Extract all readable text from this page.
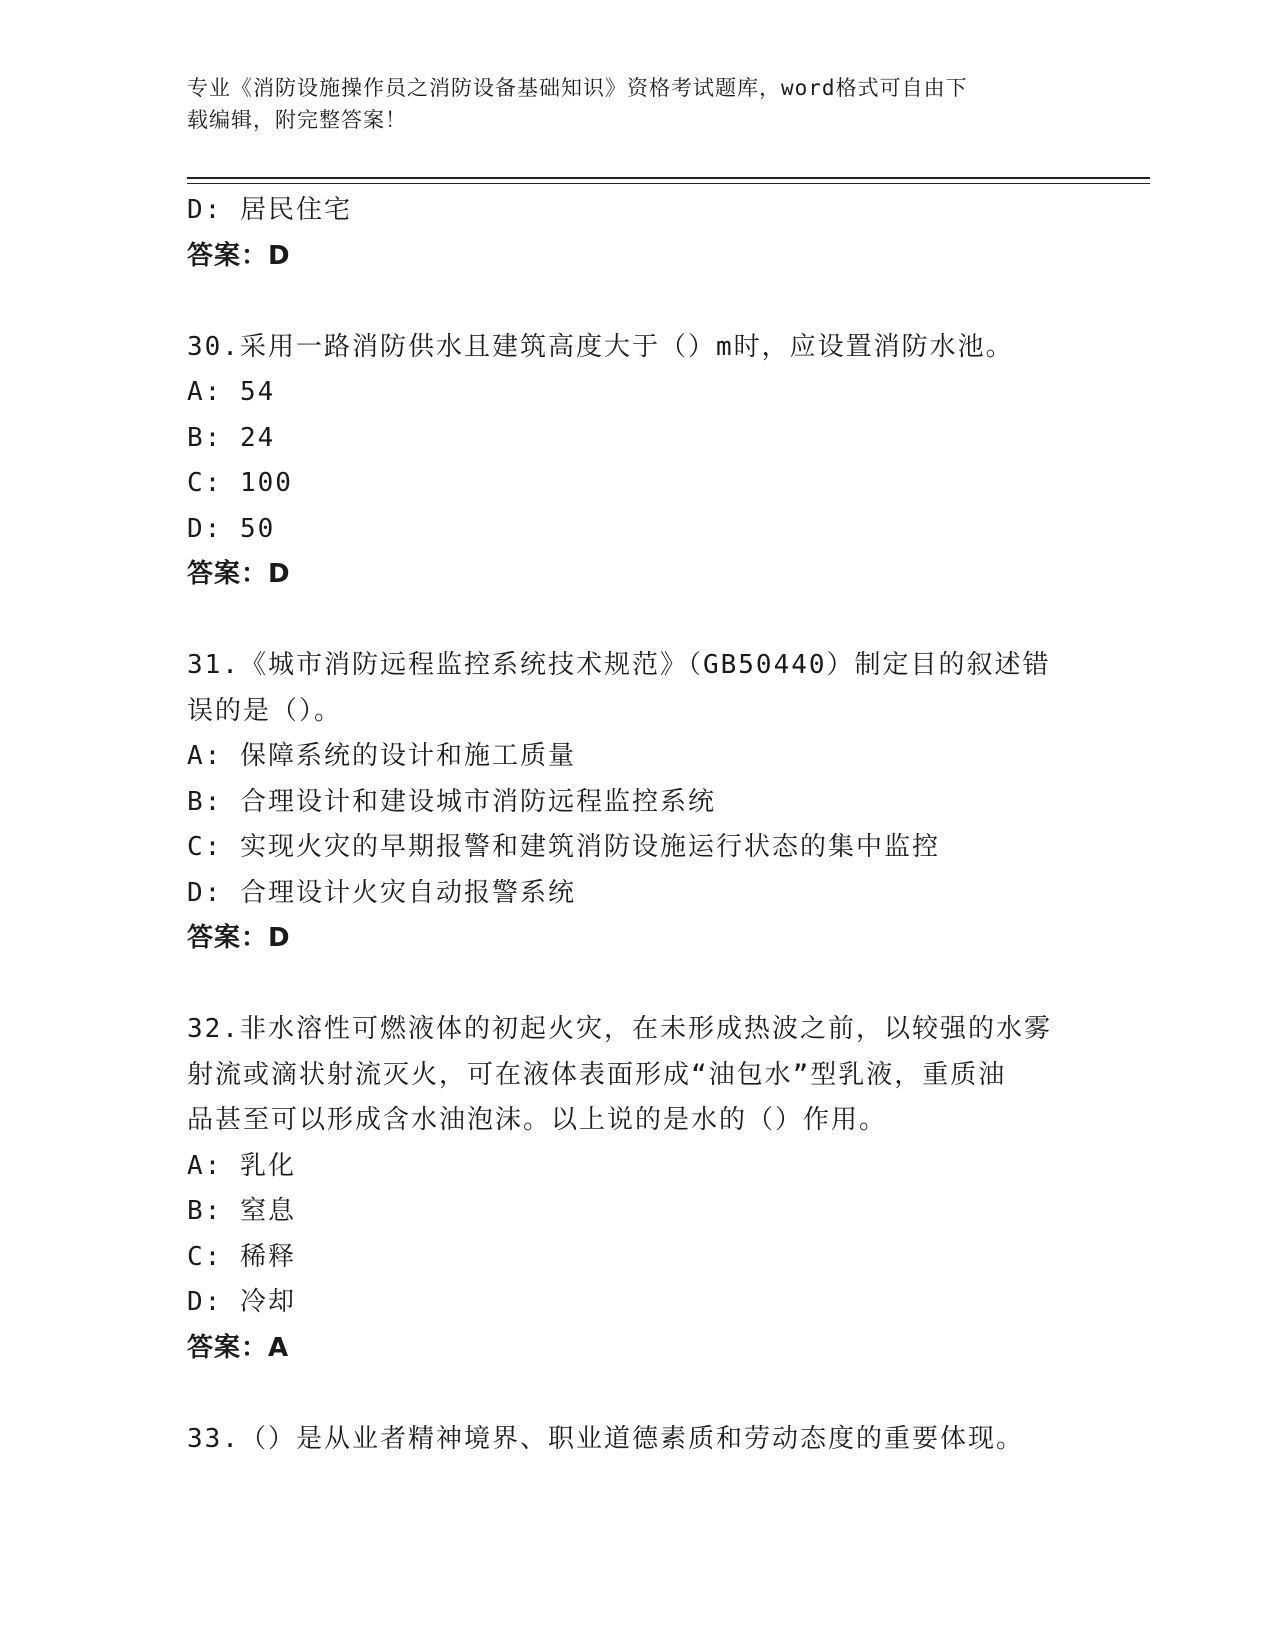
专业《消防设施操作员之消防设备基础知识》资格考试题库，word格式可自由下
载编辑，附完整答案！
D: 居民住宅
答案：D
30.采用一路消防供水且建筑高度大于（）m时，应设置消防水池。
A: 54
B: 24
C: 100
D: 50
答案：D
31.《城市消防远程监控系统技术规范》（GB50440）制定目的叙述错
误的是（）。
A: 保障系统的设计和施工质量
B: 合理设计和建设城市消防远程监控系统
C: 实现火灾的早期报警和建筑消防设施运行状态的集中监控
D: 合理设计火灾自动报警系统
答案：D
32.非水溶性可燃液体的初起火灾，在未形成热波之前，以较强的水雾
射流或滴状射流灭火，可在液体表面形成“油包水”型乳液，重质油
品甚至可以形成含水油泡沫。以上说的是水的（）作用。
A: 乳化
B: 窒息
C: 稀释
D: 冷却
答案：A
33.（）是从业者精神境界、职业道德素质和劳动态度的重要体现。
